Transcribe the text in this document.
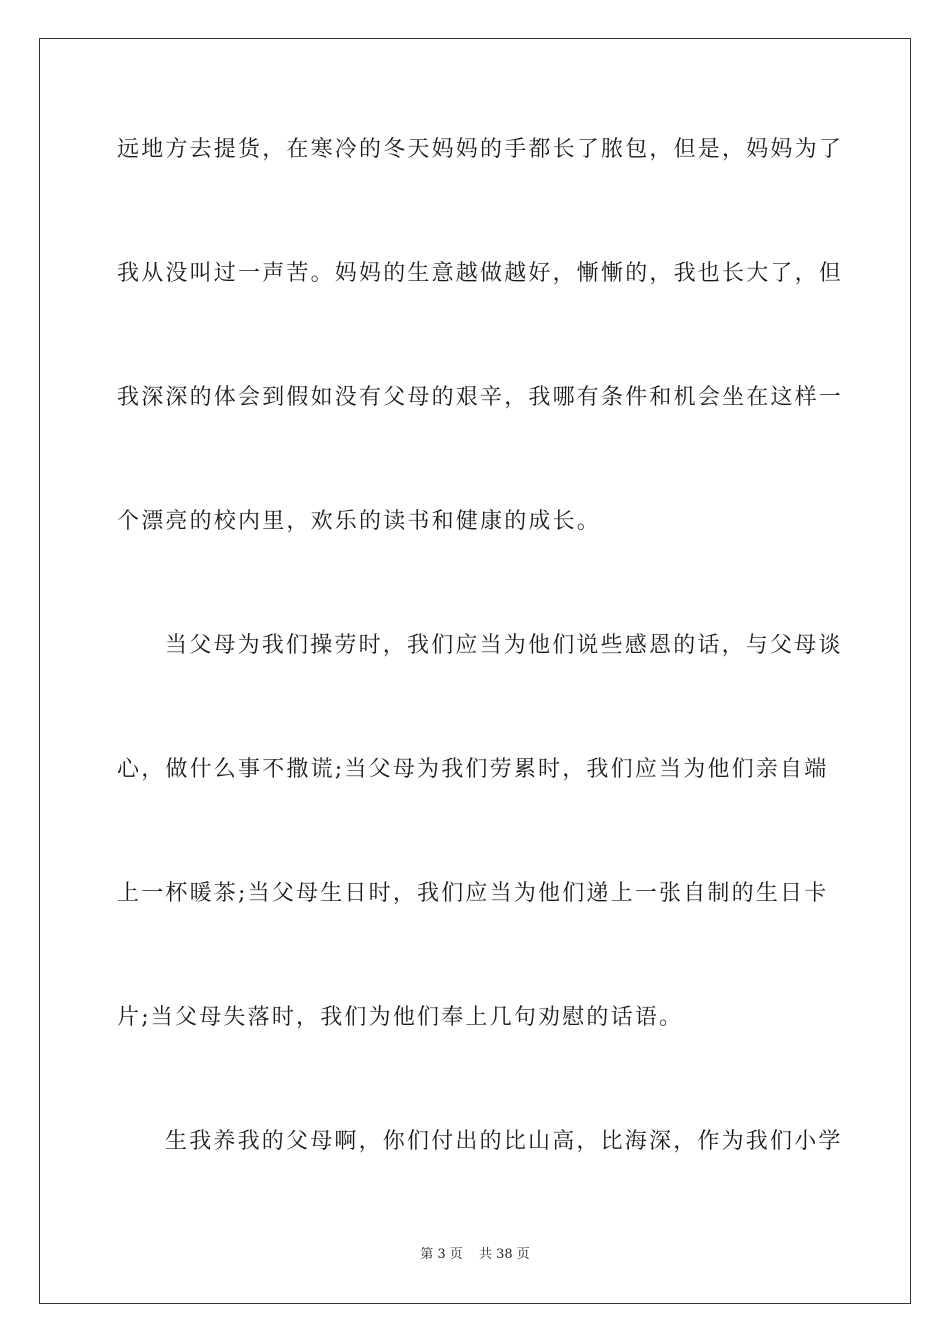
远地方去提货，在寒冷的冬天妈妈的手都长了脓包，但是，妈妈为了
我从没叫过一声苦。妈妈的生意越做越好，慚慚的，我也长大了，但
我深深的体会到假如没有父母的艰辛，我哪有条件和机会坐在这样一
个漂亮的校内里，欢乐的读书和健康的成长。
当父母为我们操劳时，我们应当为他们说些感恩的话，与父母谈
心，做什么事不撒谎;当父母为我们劳累时，我们应当为他们亲自端
上一杯暖茶;当父母生日时，我们应当为他们递上一张自制的生日卡
片;当父母失落时，我们为他们奉上几句劝慰的话语。
生我养我的父母啊，你们付出的比山高，比海深，作为我们小学
第 3 页 共 38 页
